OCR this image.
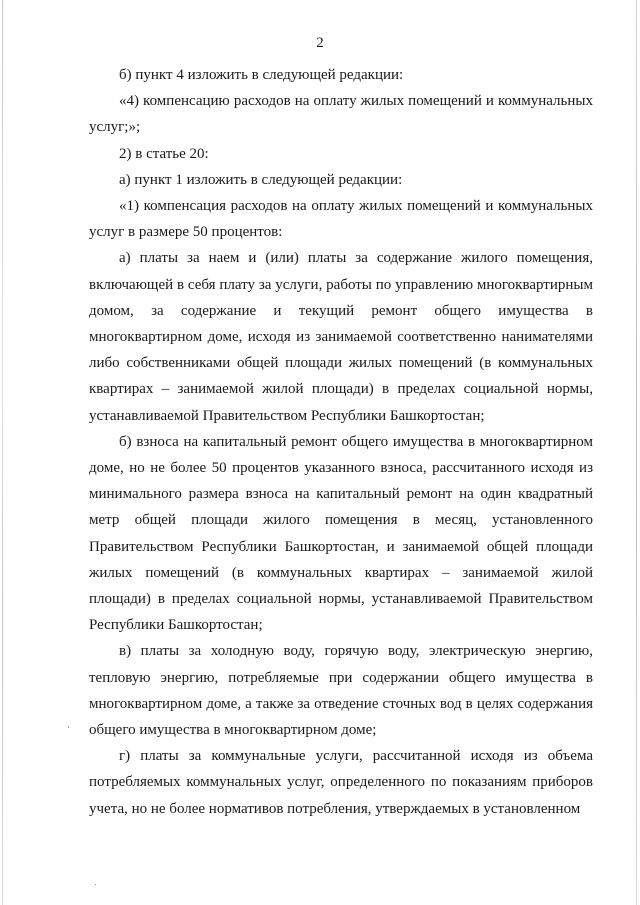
2

б) пункт 4 изложить в следующей редакции:

«4) компенсацию расходов на оплату жилых помещений и коммунальных услуг;»;

2) в статье 20:

а) пункт 1 изложить в следующей редакции:

«1) компенсация расходов на оплату жилых помещений и коммунальных услуг в размере 50 процентов:

а) платы за наем и (или) платы за содержание жилого помещения, включающей в себя плату за услуги, работы по управлению многоквартирным домом, за содержание и текущий ремонт общего имущества в многоквартирном доме, исходя из занимаемой соответственно нанимателями либо собственниками общей площади жилых помещений (в коммунальных квартирах – занимаемой жилой площади) в пределах социальной нормы, устанавливаемой Правительством Республики Башкортостан;

б) взноса на капитальный ремонт общего имущества в многоквартирном доме, но не более 50 процентов указанного взноса, рассчитанного исходя из минимального размера взноса на капитальный ремонт на один квадратный метр общей площади жилого помещения в месяц, установленного Правительством Республики Башкортостан, и занимаемой общей площади жилых помещений (в коммунальных квартирах – занимаемой жилой площади) в пределах социальной нормы, устанавливаемой Правительством Республики Башкортостан;

в) платы за холодную воду, горячую воду, электрическую энергию, тепловую энергию, потребляемые при содержании общего имущества в многоквартирном доме, а также за отведение сточных вод в целях содержания общего имущества в многоквартирном доме;

г) платы за коммунальные услуги, рассчитанной исходя из объема потребляемых коммунальных услуг, определенного по показаниям приборов учета, но не более нормативов потребления, утверждаемых в установленном
